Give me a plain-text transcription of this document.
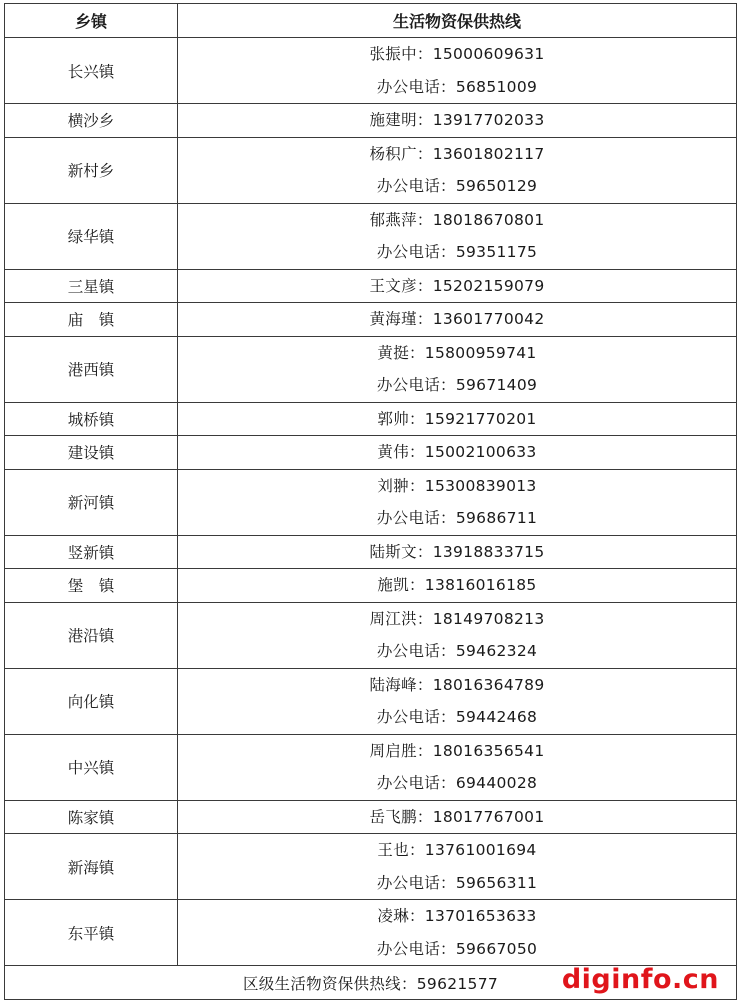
乡镇	生活物资保供热线
长兴镇	张振中：15000609631
办公电话：56851009

横沙乡	施建明：13917702033

新村乡	杨积广：13601802117
办公电话：59650129

绿华镇	郁燕萍：18018670801
办公电话：59351175

三星镇	王文彦：15202159079

庙　镇	黄海瑾：13601770042

港西镇	黄挺：15800959741
办公电话：59671409

城桥镇	郭帅：15921770201

建设镇	黄伟：15002100633

新河镇	刘翀：15300839013
办公电话：59686711

竖新镇	陆斯文：13918833715

堡　镇	施凯：13816016185

港沿镇	周江洪：18149708213
办公电话：59462324

向化镇	陆海峰：18016364789
办公电话：59442468

中兴镇	周启胜：18016356541
办公电话：69440028

陈家镇	岳飞鹏：18017767001

新海镇	王也：13761001694
办公电话：59656311

东平镇	凌琳：13701653633
办公电话：59667050

区级生活物资保供热线：59621577	diginfo.cn
